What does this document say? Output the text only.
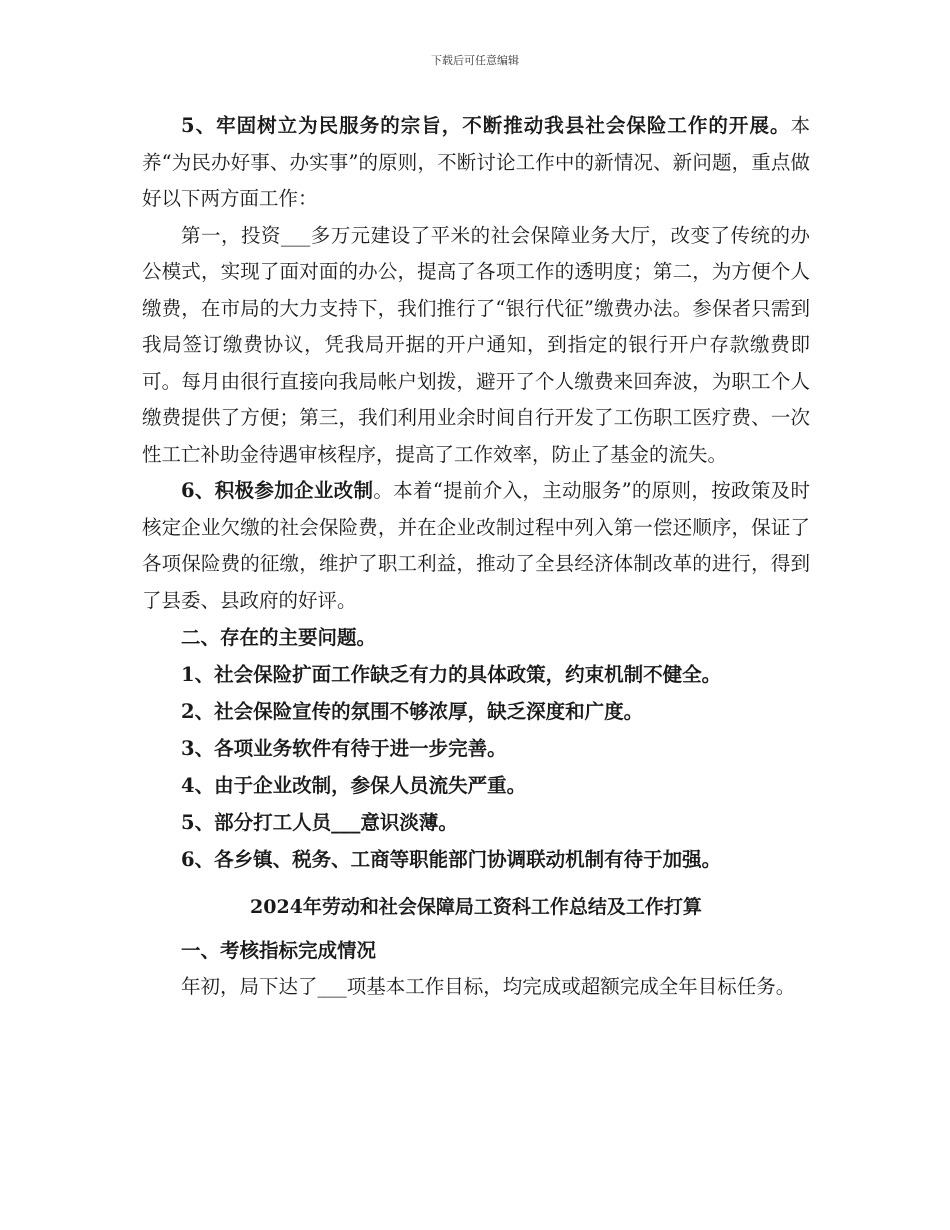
下载后可任意编辑

5、牢固树立为民服务的宗旨，不断推动我县社会保险工作的开展。本养“为民办好事、办实事”的原则，不断讨论工作中的新情况、新问题，重点做好以下两方面工作：

第一，投资___多万元建设了平米的社会保障业务大厅，改变了传统的办公模式，实现了面对面的办公，提高了各项工作的透明度；第二，为方便个人缴费，在市局的大力支持下，我们推行了“银行代征”缴费办法。参保者只需到我局签订缴费协议，凭我局开据的开户通知，到指定的银行开户存款缴费即可。每月由很行直接向我局帐户划拨，避开了个人缴费来回奔波，为职工个人缴费提供了方便；第三，我们利用业余时间自行开发了工伤职工医疗费、一次性工亡补助金待遇审核程序，提高了工作效率，防止了基金的流失。

6、积极参加企业改制。本着“提前介入，主动服务”的原则，按政策及时核定企业欠缴的社会保险费，并在企业改制过程中列入第一偿还顺序，保证了各项保险费的征缴，维护了职工利益，推动了全县经济体制改革的进行，得到了县委、县政府的好评。

二、存在的主要问题。

1、社会保险扩面工作缺乏有力的具体政策，约束机制不健全。

2、社会保险宣传的氛围不够浓厚，缺乏深度和广度。

3、各项业务软件有待于进一步完善。

4、由于企业改制，参保人员流失严重。

5、部分打工人员___意识淡薄。

6、各乡镇、税务、工商等职能部门协调联动机制有待于加强。

2024年劳动和社会保障局工资科工作总结及工作打算

一、考核指标完成情况

年初，局下达了___项基本工作目标，均完成或超额完成全年目标任务。
